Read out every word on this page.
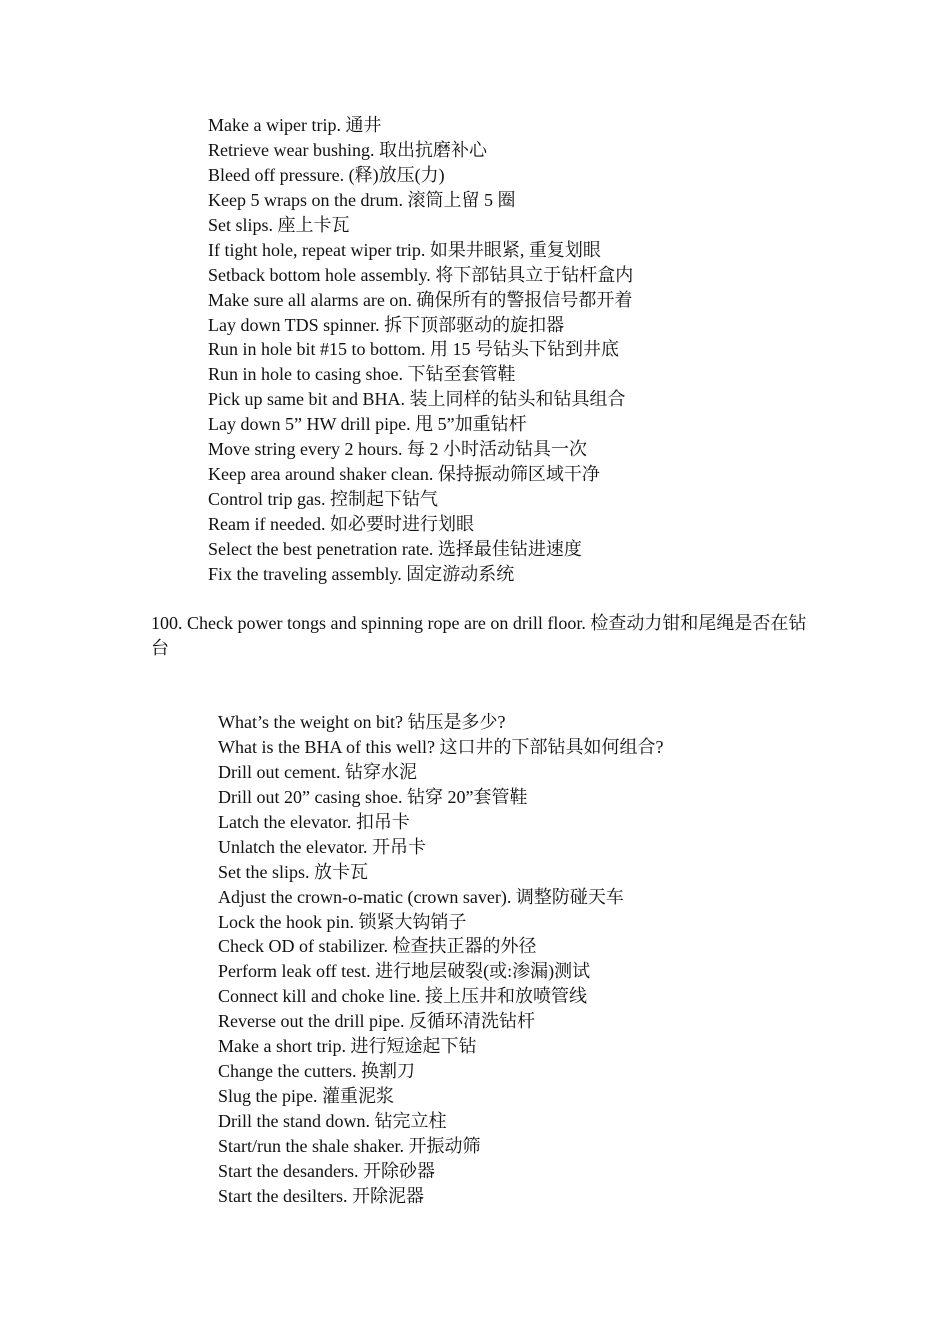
Make a wiper trip. 通井
Retrieve wear bushing. 取出抗磨补心
Bleed off pressure. (释)放压(力)
Keep 5 wraps on the drum. 滚筒上留 5 圈
Set slips. 座上卡瓦
If tight hole, repeat wiper trip. 如果井眼紧, 重复划眼
Setback bottom hole assembly. 将下部钻具立于钻杆盒内
Make sure all alarms are on. 确保所有的警报信号都开着
Lay down TDS spinner. 拆下顶部驱动的旋扣器
Run in hole bit #15 to bottom. 用 15 号钻头下钻到井底
Run in hole to casing shoe. 下钻至套管鞋
Pick up same bit and BHA. 装上同样的钻头和钻具组合
Lay down 5” HW drill pipe. 甩 5”加重钻杆
Move string every 2 hours. 每 2 小时活动钻具一次
Keep area around shaker clean. 保持振动筛区域干净
Control trip gas. 控制起下钻气
Ream if needed. 如必要时进行划眼
Select the best penetration rate. 选择最佳钻进速度
Fix the traveling assembly. 固定游动系统

100. Check power tongs and spinning rope are on drill floor. 检查动力钳和尾绳是否在钻台

What’s the weight on bit? 钻压是多少?
What is the BHA of this well? 这口井的下部钻具如何组合?
Drill out cement. 钻穿水泥
Drill out 20” casing shoe. 钻穿 20”套管鞋
Latch the elevator. 扣吊卡
Unlatch the elevator. 开吊卡
Set the slips. 放卡瓦
Adjust the crown-o-matic (crown saver). 调整防碰天车
Lock the hook pin. 锁紧大钩销子
Check OD of stabilizer. 检查扶正器的外径
Perform leak off test. 进行地层破裂(或:渗漏)测试
Connect kill and choke line. 接上压井和放喷管线
Reverse out the drill pipe. 反循环清洗钻杆
Make a short trip. 进行短途起下钻
Change the cutters. 换割刀
Slug the pipe. 灌重泥浆
Drill the stand down. 钻完立柱
Start/run the shale shaker. 开振动筛
Start the desanders. 开除砂器
Start the desilters. 开除泥器
